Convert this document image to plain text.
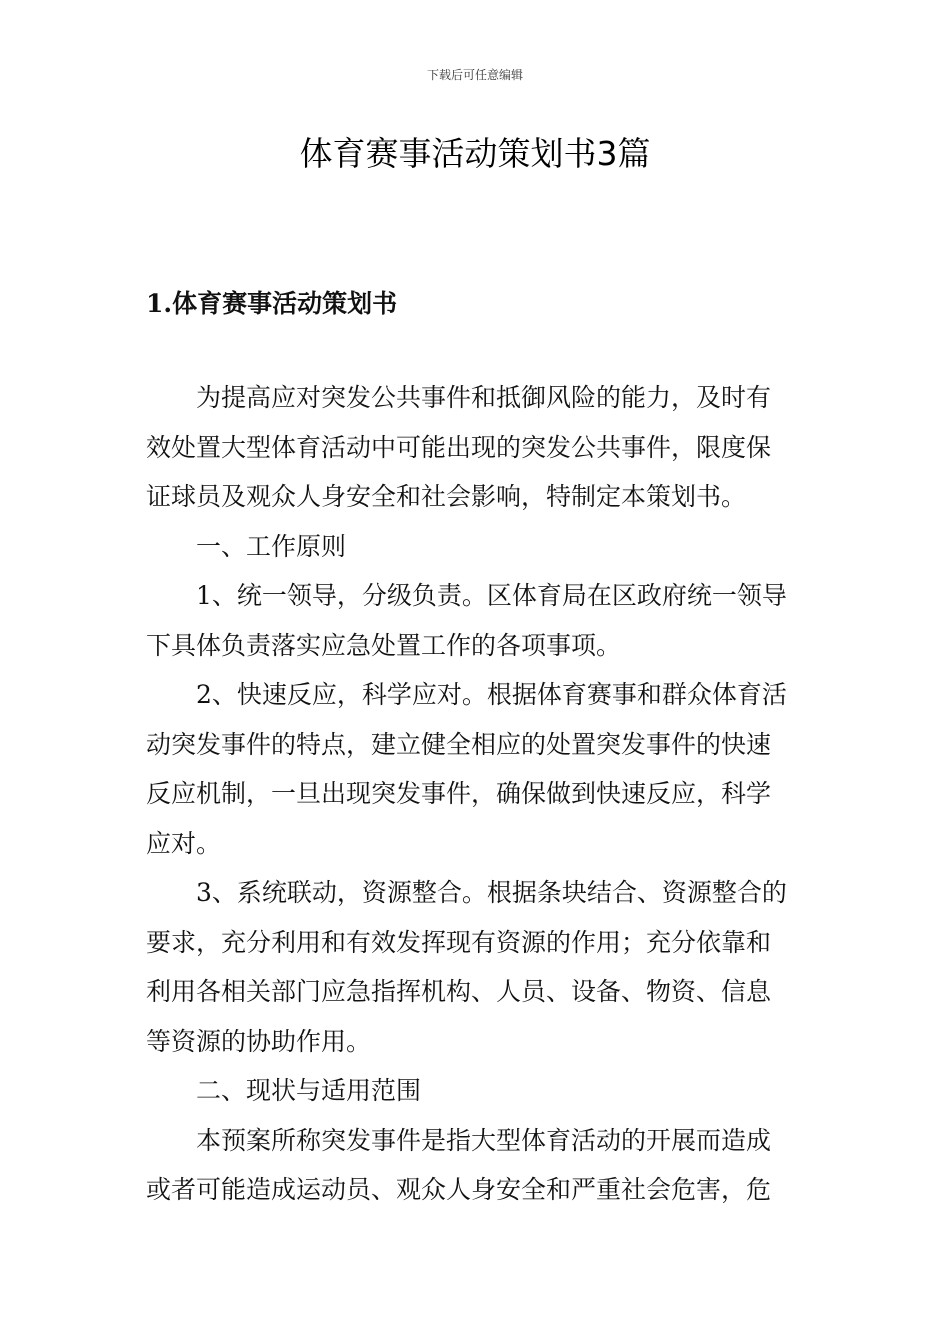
下载后可任意编辑
体育赛事活动策划书3篇
1.体育赛事活动策划书
为提高应对突发公共事件和抵御风险的能力，及时有
效处置大型体育活动中可能出现的突发公共事件，限度保
证球员及观众人身安全和社会影响，特制定本策划书。
一、工作原则
1、统一领导，分级负责。区体育局在区政府统一领导
下具体负责落实应急处置工作的各项事项。
2、快速反应，科学应对。根据体育赛事和群众体育活
动突发事件的特点，建立健全相应的处置突发事件的快速
反应机制，一旦出现突发事件，确保做到快速反应，科学
应对。
3、系统联动，资源整合。根据条块结合、资源整合的
要求，充分利用和有效发挥现有资源的作用；充分依靠和
利用各相关部门应急指挥机构、人员、设备、物资、信息
等资源的协助作用。
二、现状与适用范围
本预案所称突发事件是指大型体育活动的开展而造成
或者可能造成运动员、观众人身安全和严重社会危害，危
